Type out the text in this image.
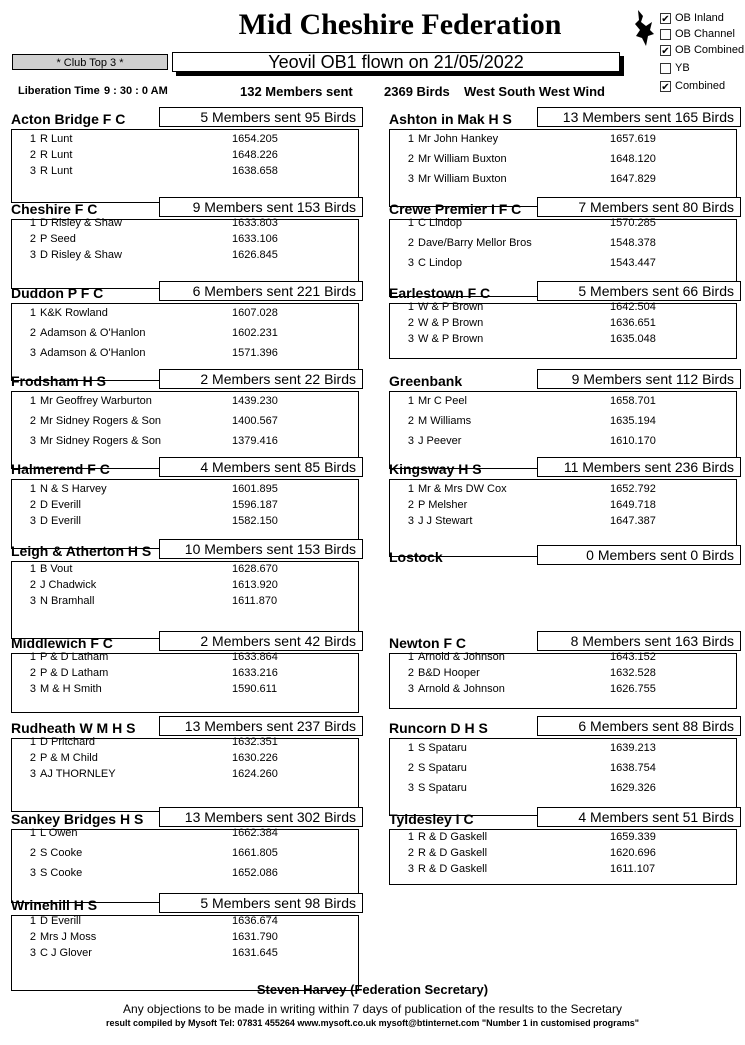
Mid Cheshire Federation	✔ OB Inland
OB Channel
✔ OB Combined
YB
✔ Combined
* Club Top 3 *	Yeovil OB1 flown on 21/05/2022
Liberation Time 9 : 30 : 0 AM	132 Members sent 2369 Birds West South West Wind
Acton Bridge F C	5 Members sent 95 Birds
1 R Lunt	1654.205
2 R Lunt	1648.226
3 R Lunt	1638.658
Ashton in Mak H S	13 Members sent 165 Birds
1 Mr John Hankey	1657.619
2 Mr William Buxton	1648.120
3 Mr William Buxton	1647.829
Cheshire F C	9 Members sent 153 Birds
1 D Risley & Shaw	1633.803
2 P Seed	1633.106
3 D Risley & Shaw	1626.845
Crewe Premier I F C	7 Members sent 80 Birds
1 C Lindop	1570.285
2 Dave/Barry Mellor Bros	1548.378
3 C Lindop	1543.447
Duddon P F C	6 Members sent 221 Birds
1 K&K Rowland	1607.028
2 Adamson & O'Hanlon	1602.231
3 Adamson & O'Hanlon	1571.396
Earlestown F C	5 Members sent 66 Birds
1 W & P Brown	1642.504
2 W & P Brown	1636.651
3 W & P Brown	1635.048
Frodsham H S	2 Members sent 22 Birds
1 Mr Geoffrey Warburton	1439.230
2 Mr Sidney Rogers & Son	1400.567
3 Mr Sidney Rogers & Son	1379.416
Greenbank	9 Members sent 112 Birds
1 Mr C Peel	1658.701
2 M Williams	1635.194
3 J Peever	1610.170
Halmerend F C	4 Members sent 85 Birds
1 N & S Harvey	1601.895
2 D Everill	1596.187
3 D Everill	1582.150
Kingsway H S	11 Members sent 236 Birds
1 Mr & Mrs DW Cox	1652.792
2 P Melsher	1649.718
3 J J Stewart	1647.387
Leigh & Atherton H S	10 Members sent 153 Birds
1 B Vout	1628.670
2 J Chadwick	1613.920
3 N Bramhall	1611.870
Lostock	0 Members sent 0 Birds
Middlewich F C	2 Members sent 42 Birds
1 P & D Latham	1633.864
2 P & D Latham	1633.216
3 M & H Smith	1590.611
Newton F C	8 Members sent 163 Birds
1 Arnold & Johnson	1643.152
2 B&D Hooper	1632.528
3 Arnold & Johnson	1626.755
Rudheath W M H S	13 Members sent 237 Birds
1 D Pritchard	1632.351
2 P & M Child	1630.226
3 AJ THORNLEY	1624.260
Runcorn D H S	6 Members sent 88 Birds
1 S Spataru	1639.213
2 S Spataru	1638.754
3 S Spataru	1629.326
Sankey Bridges H S	13 Members sent 302 Birds
1 L Owen	1662.384
2 S Cooke	1661.805
3 S Cooke	1652.086
Tyldesley I C	4 Members sent 51 Birds
1 R & D Gaskell	1659.339
2 R & D Gaskell	1620.696
3 R & D Gaskell	1611.107
Wrinehill H S	5 Members sent 98 Birds
1 D Everill	1636.674
2 Mrs J Moss	1631.790
3 C J Glover	1631.645
Steven Harvey (Federation Secretary)
Any objections to be made in writing within 7 days of publication of the results to the Secretary
result compiled by Mysoft Tel: 07831 455264 www.mysoft.co.uk mysoft@btinternet.com "Number 1 in customised programs"
